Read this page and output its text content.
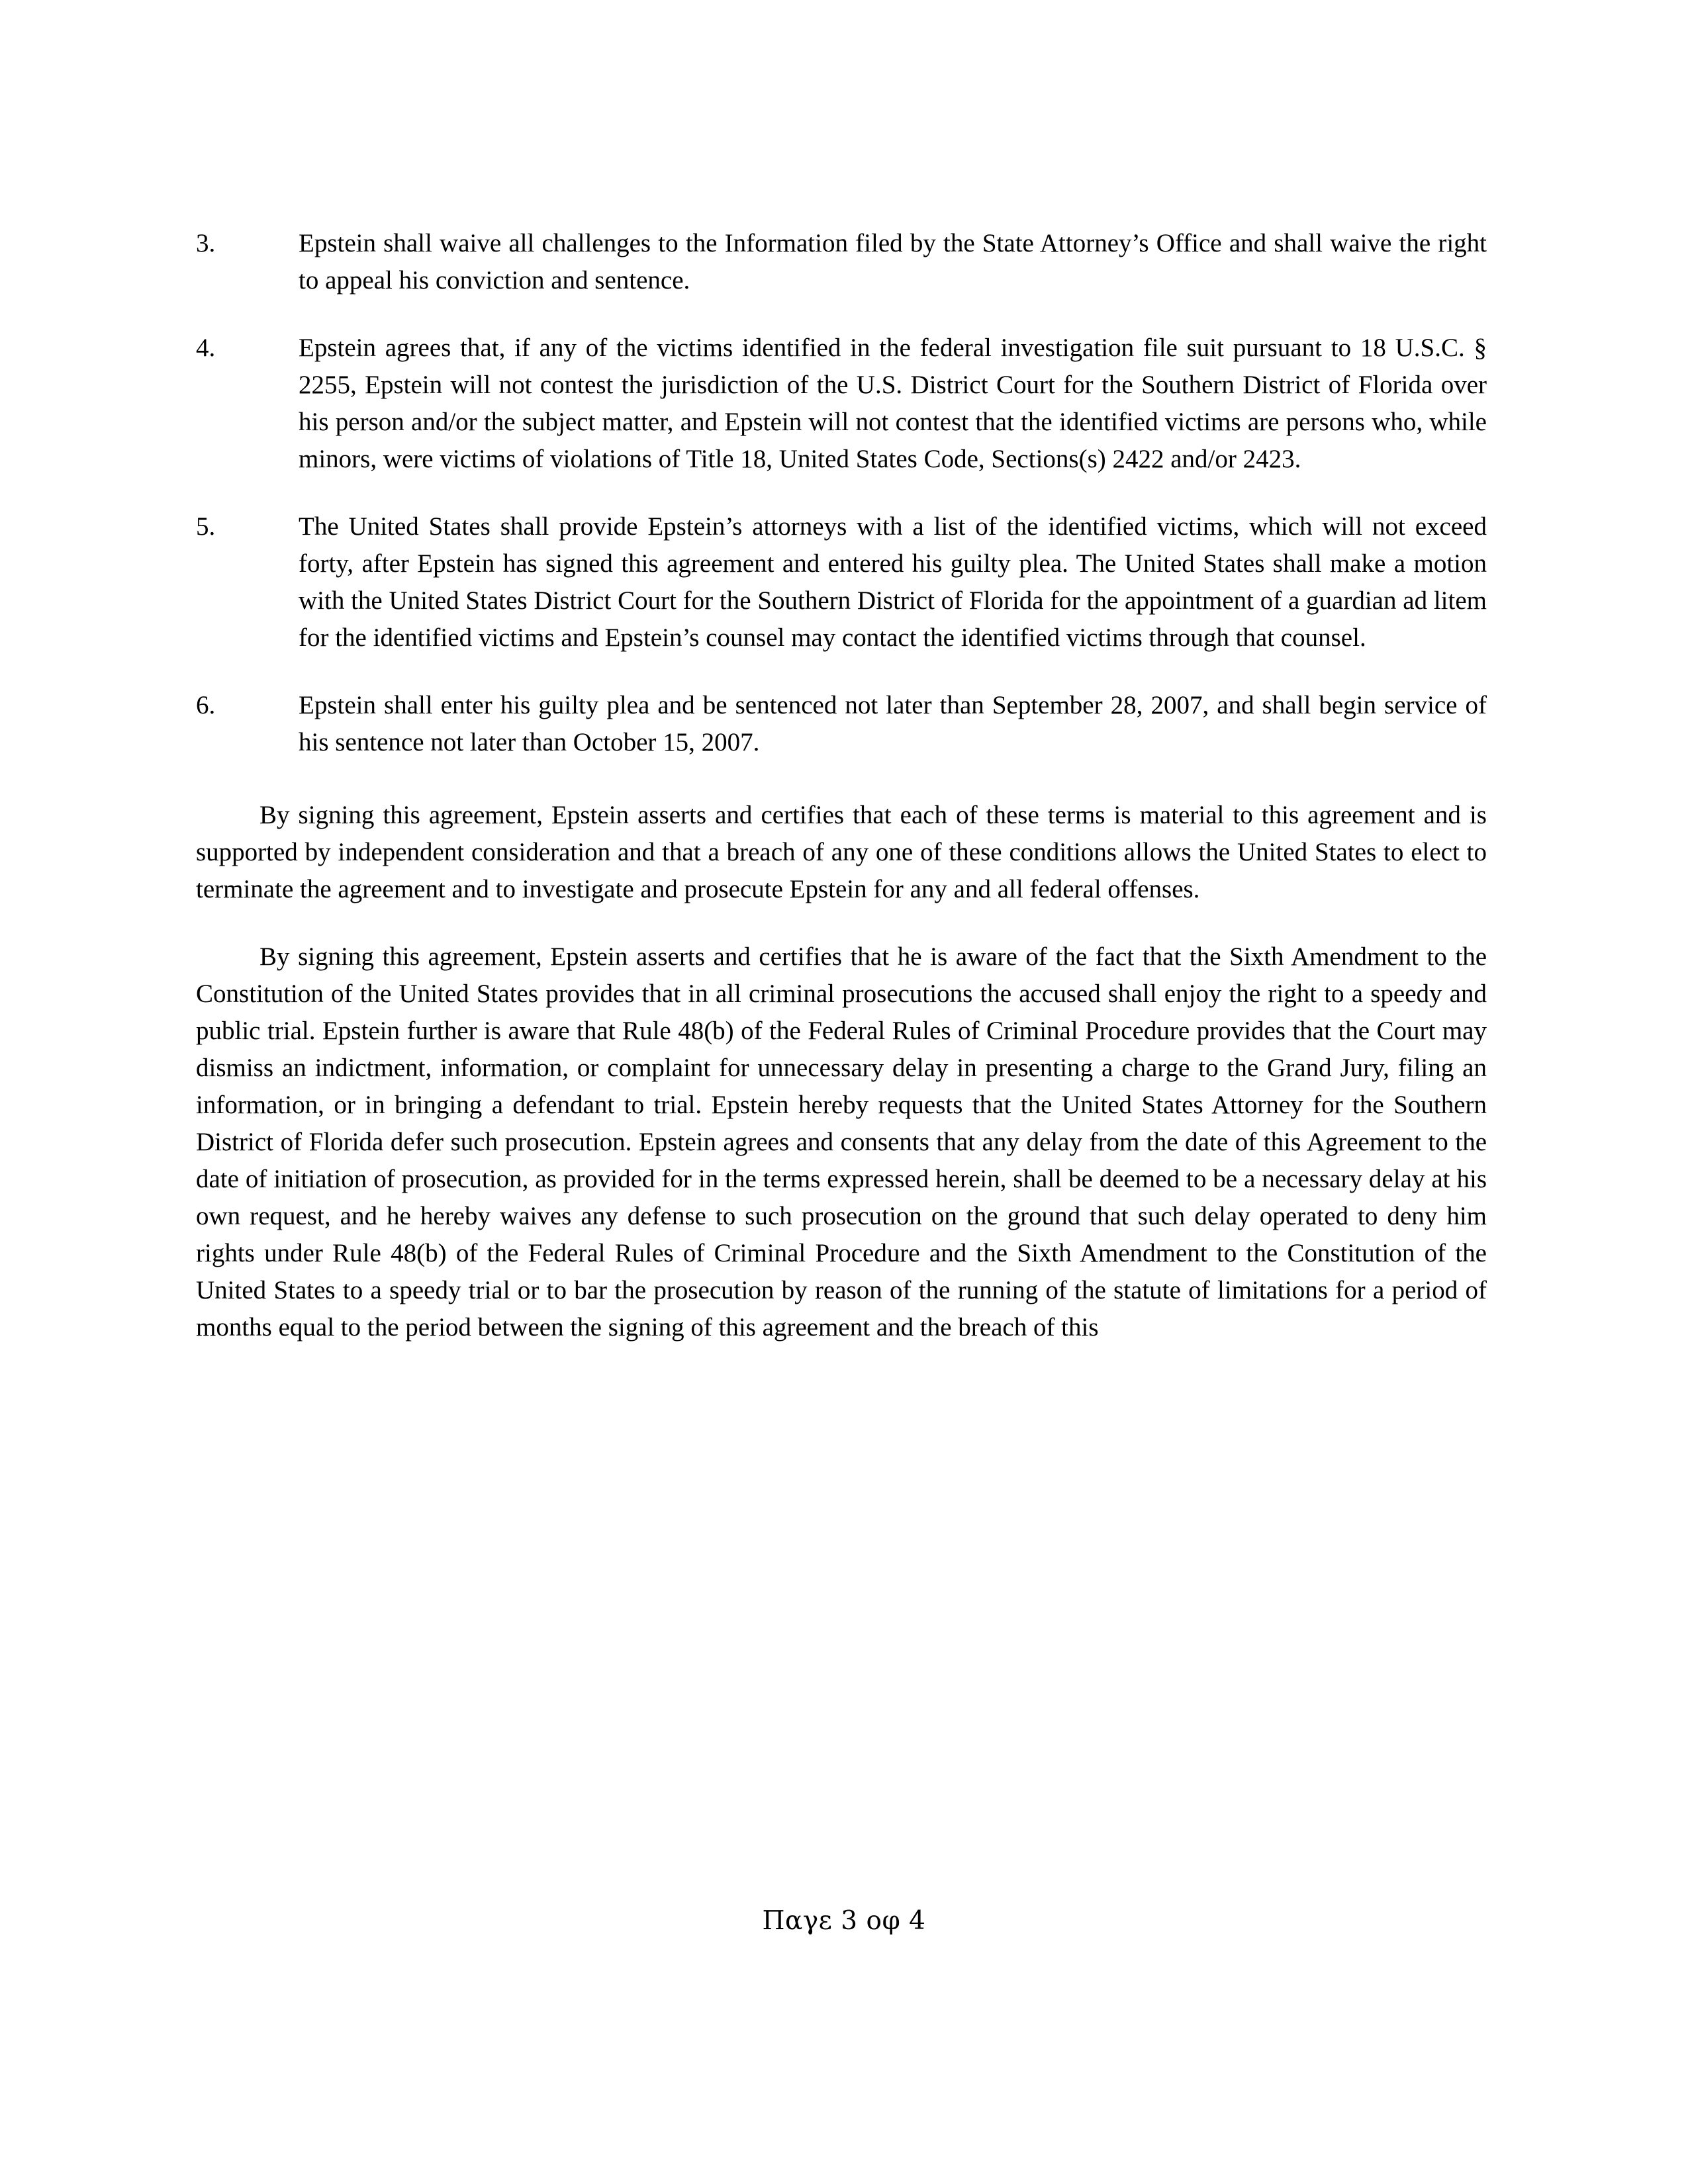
3.	Epstein shall waive all challenges to the Information filed by the State Attorney’s Office and shall waive the right to appeal his conviction and sentence.
4.	Epstein agrees that, if any of the victims identified in the federal investigation file suit pursuant to 18 U.S.C. § 2255, Epstein will not contest the jurisdiction of the U.S. District Court for the Southern District of Florida over his person and/or the subject matter, and Epstein will not contest that the identified victims are persons who, while minors, were victims of violations of Title 18, United States Code, Sections(s) 2422 and/or 2423.
5.	The United States shall provide Epstein’s attorneys with a list of the identified victims, which will not exceed forty, after Epstein has signed this agreement and entered his guilty plea. The United States shall make a motion with the United States District Court for the Southern District of Florida for the appointment of a guardian ad litem for the identified victims and Epstein’s counsel may contact the identified victims through that counsel.
6.	Epstein shall enter his guilty plea and be sentenced not later than September 28, 2007, and shall begin service of his sentence not later than October 15, 2007.

By signing this agreement, Epstein asserts and certifies that each of these terms is material to this agreement and is supported by independent consideration and that a breach of any one of these conditions allows the United States to elect to terminate the agreement and to investigate and prosecute Epstein for any and all federal offenses.

By signing this agreement, Epstein asserts and certifies that he is aware of the fact that the Sixth Amendment to the Constitution of the United States provides that in all criminal prosecutions the accused shall enjoy the right to a speedy and public trial. Epstein further is aware that Rule 48(b) of the Federal Rules of Criminal Procedure provides that the Court may dismiss an indictment, information, or complaint for unnecessary delay in presenting a charge to the Grand Jury, filing an information, or in bringing a defendant to trial. Epstein hereby requests that the United States Attorney for the Southern District of Florida defer such prosecution. Epstein agrees and consents that any delay from the date of this Agreement to the date of initiation of prosecution, as provided for in the terms expressed herein, shall be deemed to be a necessary delay at his own request, and he hereby waives any defense to such prosecution on the ground that such delay operated to deny him rights under Rule 48(b) of the Federal Rules of Criminal Procedure and the Sixth Amendment to the Constitution of the United States to a speedy trial or to bar the prosecution by reason of the running of the statute of limitations for a period of months equal to the period between the signing of this agreement and the breach of this

Παγε 3 οφ 4
